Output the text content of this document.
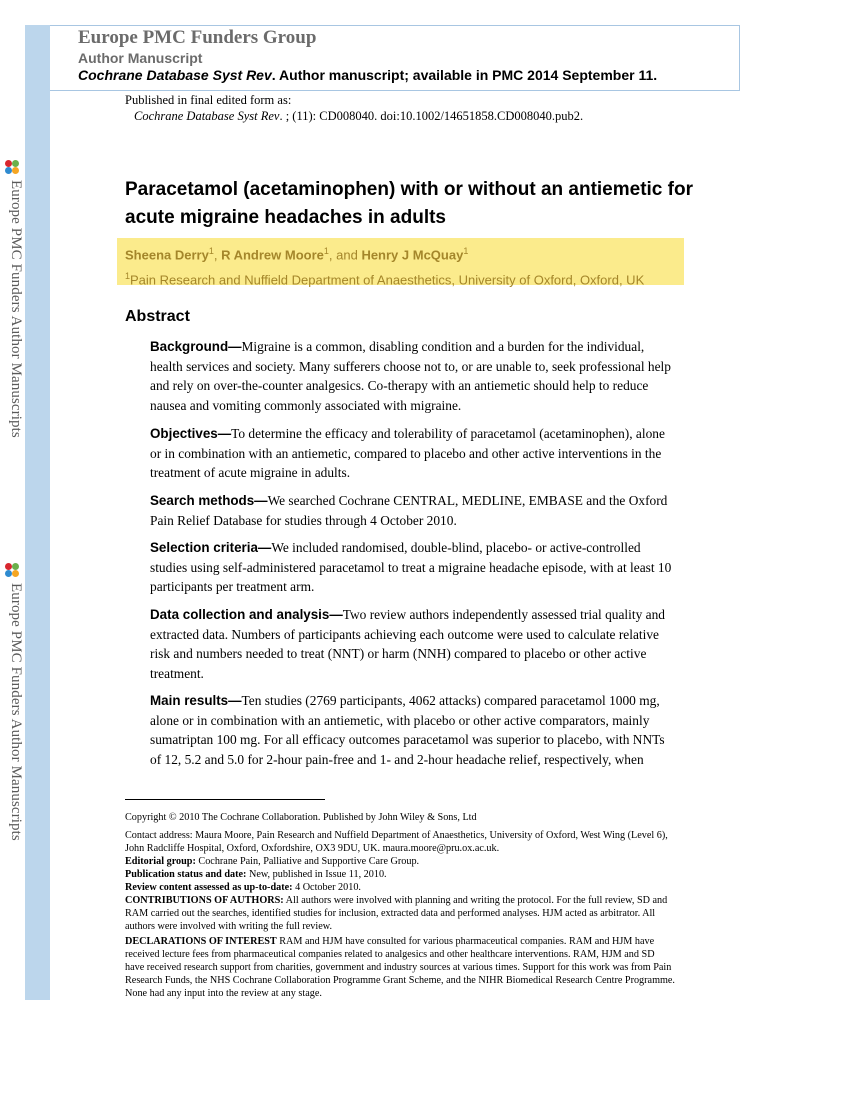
Europe PMC Funders Author Manuscripts
Europe PMC Funders Author Manuscripts
Europe PMC Funders Group
Author Manuscript
Cochrane Database Syst Rev. Author manuscript; available in PMC 2014 September 11.
Published in final edited form as:
Cochrane Database Syst Rev. ; (11): CD008040. doi:10.1002/14651858.CD008040.pub2.
Paracetamol (acetaminophen) with or without an antiemetic for acute migraine headaches in adults
Sheena Derry$^1$, R Andrew Moore$^1$, and Henry J McQuay$^1$
$^1$Pain Research and Nuffield Department of Anaesthetics, University of Oxford, Oxford, UK
Abstract
Background—Migraine is a common, disabling condition and a burden for the individual,
health services and society. Many sufferers choose not to, or are unable to, seek professional help
and rely on over-the-counter analgesics. Co-therapy with an antiemetic should help to reduce
nausea and vomiting commonly associated with migraine.
Objectives—To determine the efficacy and tolerability of paracetamol (acetaminophen), alone
or in combination with an antiemetic, compared to placebo and other active interventions in the
treatment of acute migraine in adults.
Search methods—We searched Cochrane CENTRAL, MEDLINE, EMBASE and the Oxford
Pain Relief Database for studies through 4 October 2010.
Selection criteria—We included randomised, double-blind, placebo- or active-controlled
studies using self-administered paracetamol to treat a migraine headache episode, with at least 10
participants per treatment arm.
Data collection and analysis—Two review authors independently assessed trial quality and
extracted data. Numbers of participants achieving each outcome were used to calculate relative
risk and numbers needed to treat (NNT) or harm (NNH) compared to placebo or other active
treatment.
Main results—Ten studies (2769 participants, 4062 attacks) compared paracetamol 1000 mg,
alone or in combination with an antiemetic, with placebo or other active comparators, mainly
sumatriptan 100 mg. For all efficacy outcomes paracetamol was superior to placebo, with NNTs
of 12, 5.2 and 5.0 for 2-hour pain-free and 1- and 2-hour headache relief, respectively, when
Copyright © 2010 The Cochrane Collaboration. Published by John Wiley & Sons, Ltd
Contact address: Maura Moore, Pain Research and Nuffield Department of Anaesthetics, University of Oxford, West Wing (Level 6),
John Radcliffe Hospital, Oxford, Oxfordshire, OX3 9DU, UK. maura.moore@pru.ox.ac.uk.
Editorial group: Cochrane Pain, Palliative and Supportive Care Group.
Publication status and date: New, published in Issue 11, 2010.
Review content assessed as up-to-date: 4 October 2010.
CONTRIBUTIONS OF AUTHORS: All authors were involved with planning and writing the protocol. For the full review, SD and
RAM carried out the searches, identified studies for inclusion, extracted data and performed analyses. HJM acted as arbitrator. All
authors were involved with writing the full review.
DECLARATIONS OF INTEREST RAM and HJM have consulted for various pharmaceutical companies. RAM and HJM have
received lecture fees from pharmaceutical companies related to analgesics and other healthcare interventions. RAM, HJM and SD
have received research support from charities, government and industry sources at various times. Support for this work was from Pain
Research Funds, the NHS Cochrane Collaboration Programme Grant Scheme, and the NIHR Biomedical Research Centre Programme.
None had any input into the review at any stage.
